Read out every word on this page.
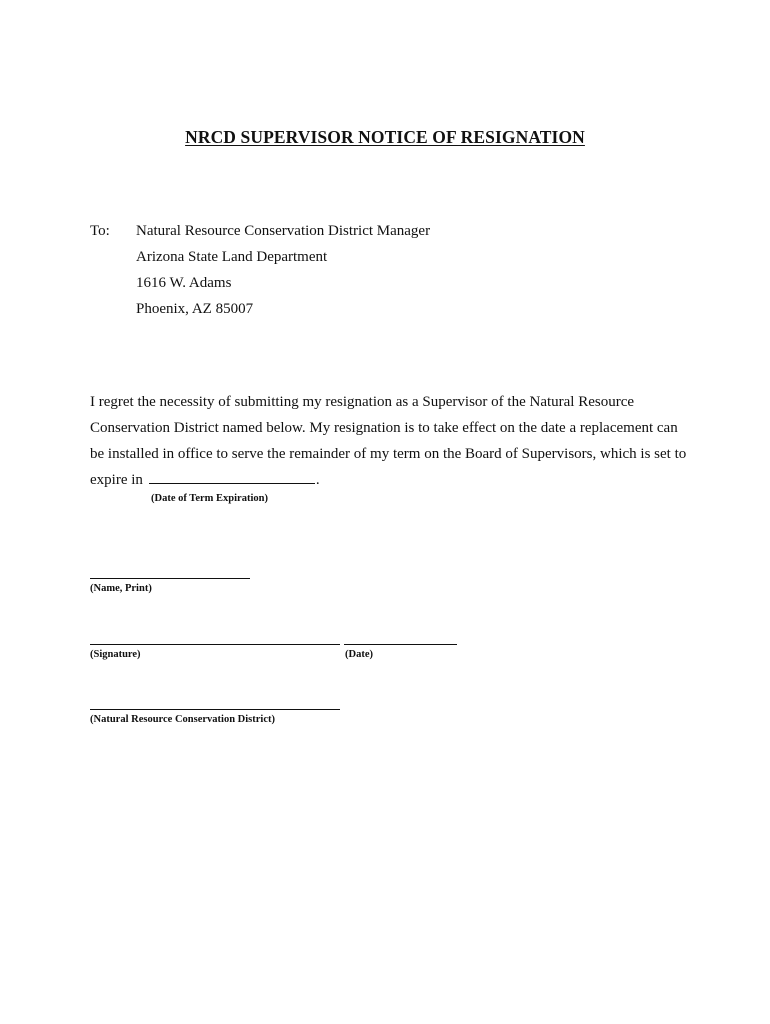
NRCD SUPERVISOR NOTICE OF RESIGNATION
To: Natural Resource Conservation District Manager
Arizona State Land Department
1616 W. Adams
Phoenix, AZ 85007
I regret the necessity of submitting my resignation as a Supervisor of the Natural Resource
Conservation District named below. My resignation is to take effect on the date a replacement can
be installed in office to serve the remainder of my term on the Board of Supervisors, which is set to
expire in	.
(Date of Term Expiration)
(Name, Print)
(Signature)	(Date)
(Natural Resource Conservation District)
